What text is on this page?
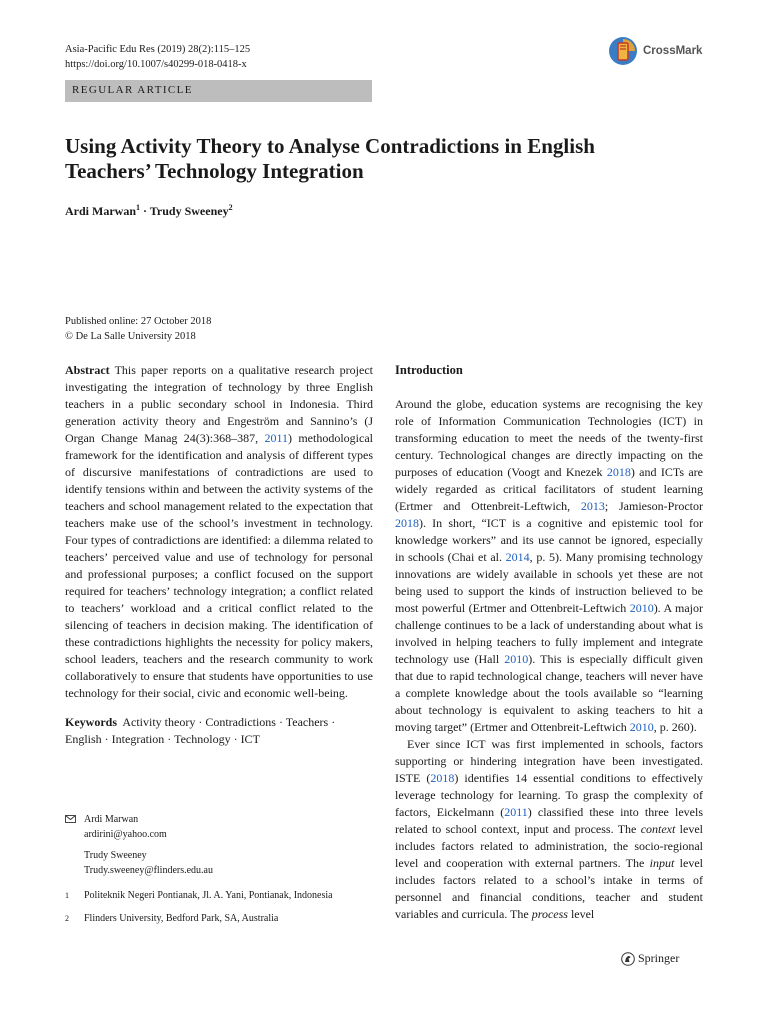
Asia-Pacific Edu Res (2019) 28(2):115–125
https://doi.org/10.1007/s40299-018-0418-x
CrossMark
REGULAR ARTICLE
Using Activity Theory to Analyse Contradictions in English
Teachers’ Technology Integration
Ardi Marwan$^1$ · Trudy Sweeney$^2$
Published online: 27 October 2018
© De La Salle University 2018

Abstract This paper reports on a qualitative research project investigating the integration of technology by three English teachers in a public secondary school in Indonesia. Third generation activity theory and Engeström and Sannino’s (J Organ Change Manag 24(3):368–387, 2011) methodological framework for the identification and analysis of different types of discursive manifestations of contradictions are used to identify tensions within and between the activity systems of the teachers and school management related to the expectation that teachers make use of the school’s investment in technology. Four types of contradictions are identified: a dilemma related to teachers’ perceived value and use of technology for personal and professional purposes; a conflict focused on the support required for teachers’ technology integration; a conflict related to teachers’ workload and a critical conflict related to the silencing of teachers in decision making. The identification of these contradictions highlights the necessity for policy makers, school leaders, teachers and the research community to work collaboratively to ensure that students have opportunities to use technology for their social, civic and economic well-being.

Keywords  Activity theory · Contradictions · Teachers · English · Integration · Technology · ICT

Ardi Marwan
ardirini@yahoo.com
Trudy Sweeney
Trudy.sweeney@flinders.edu.au
1	Politeknik Negeri Pontianak, Jl. A. Yani, Pontianak, Indonesia
2	Flinders University, Bedford Park, SA, Australia
Introduction

Around the globe, education systems are recognising the key role of Information Communication Technologies (ICT) in transforming education to meet the needs of the twenty-first century. Technological changes are directly impacting on the purposes of education (Voogt and Knezek 2018) and ICTs are widely regarded as critical facilitators of student learning (Ertmer and Ottenbreit-Leftwich, 2013; Jamieson-Proctor 2018). In short, “ICT is a cognitive and epistemic tool for knowledge workers” and its use cannot be ignored, especially in schools (Chai et al. 2014, p. 5). Many promising technology innovations are widely available in schools yet these are not being used to support the kinds of instruction believed to be most powerful (Ertmer and Ottenbreit-Leftwich 2010). A major challenge continues to be a lack of understanding about what is involved in helping teachers to fully implement and integrate technology use (Hall 2010). This is especially difficult given that due to rapid technological change, teachers will never have a complete knowledge about the tools available so “learning about technology is equivalent to asking teachers to hit a moving target” (Ertmer and Ottenbreit-Leftwich 2010, p. 260).

Ever since ICT was first implemented in schools, factors supporting or hindering integration have been investigated. ISTE (2018) identifies 14 essential conditions to effectively leverage technology for learning. To grasp the complexity of factors, Eickelmann (2011) classified these into three levels related to school context, input and process. The context level includes factors related to administration, the socio-regional level and cooperation with external partners. The input level includes factors related to a school’s intake in terms of personnel and financial conditions, teacher and student variables and curricula. The process level

Springer
